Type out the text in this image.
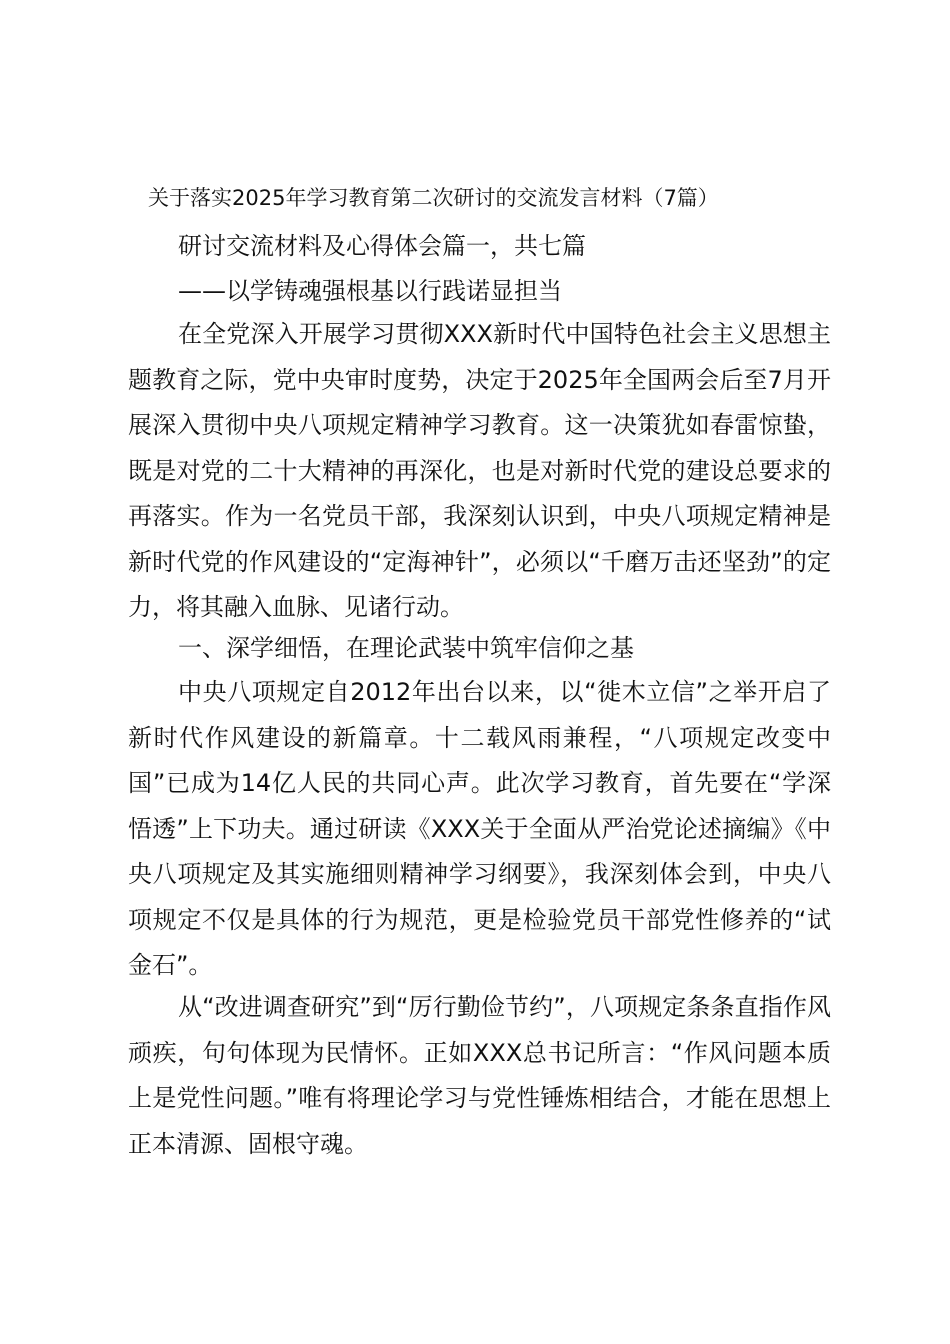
关于落实2025年学习教育第二次研讨的交流发言材料（7篇）
研讨交流材料及心得体会篇一，共七篇
——以学铸魂强根基以行践诺显担当

在全党深入开展学习贯彻XXX新时代中国特色社会主义思想主题教育之际，党中央审时度势，决定于2025年全国两会后至7月开展深入贯彻中央八项规定精神学习教育。这一决策犹如春雷惊蛰，既是对党的二十大精神的再深化，也是对新时代党的建设总要求的再落实。作为一名党员干部，我深刻认识到，中央八项规定精神是新时代党的作风建设的“定海神针”，必须以“千磨万击还坚劲”的定力，将其融入血脉、见诸行动。

一、深学细悟，在理论武装中筑牢信仰之基

中央八项规定自2012年出台以来，以“徙木立信”之举开启了新时代作风建设的新篇章。十二载风雨兼程，“八项规定改变中国”已成为14亿人民的共同心声。此次学习教育，首先要在“学深悟透”上下功夫。通过研读《XXX关于全面从严治党论述摘编》《中央八项规定及其实施细则精神学习纲要》，我深刻体会到，中央八项规定不仅是具体的行为规范，更是检验党员干部党性修养的“试金石”。

从“改进调查研究”到“厉行勤俭节约”，八项规定条条直指作风顽疾，句句体现为民情怀。正如XXX总书记所言：“作风问题本质上是党性问题。”唯有将理论学习与党性锤炼相结合，才能在思想上正本清源、固根守魂。
